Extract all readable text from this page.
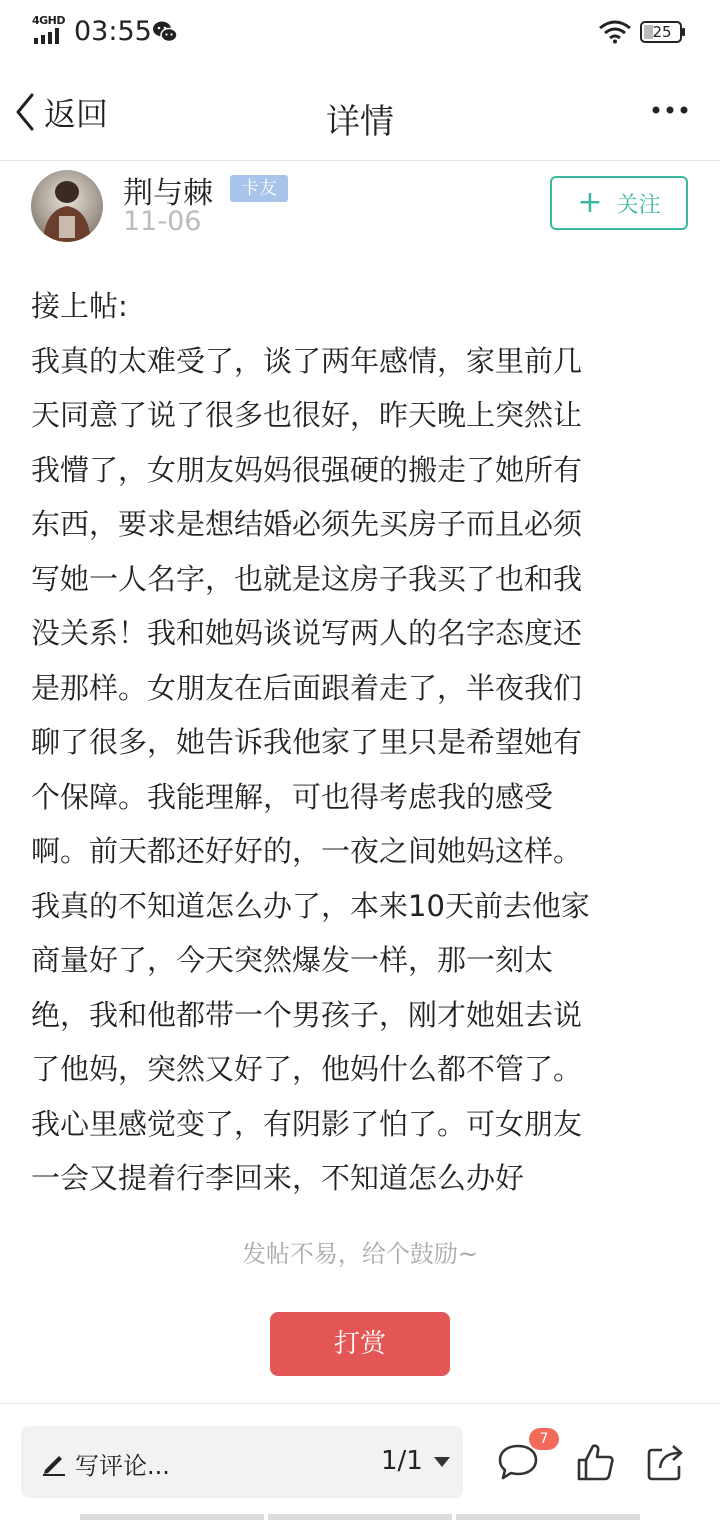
4GHD 03:55	25
返回	详情
荆与棘	卡友
11-06
+ 关注

接上帖:

我真的太难受了，谈了两年感情，家里前几

天同意了说了很多也很好，昨天晚上突然让

我懵了，女朋友妈妈很强硬的搬走了她所有

东西，要求是想结婚必须先买房子而且必须

写她一人名字，也就是这房子我买了也和我

没关系！我和她妈谈说写两人的名字态度还

是那样。女朋友在后面跟着走了，半夜我们

聊了很多，她告诉我他家了里只是希望她有

个保障。我能理解，可也得考虑我的感受

啊。前天都还好好的，一夜之间她妈这样。

我真的不知道怎么办了，本来10天前去他家

商量好了，今天突然爆发一样，那一刻太

绝，我和他都带一个男孩子，刚才她姐去说

了他妈，突然又好了，他妈什么都不管了。

我心里感觉变了，有阴影了怕了。可女朋友

一会又提着行李回来，不知道怎么办好

发帖不易，给个鼓励~
打赏
写评论...	1/1
7
